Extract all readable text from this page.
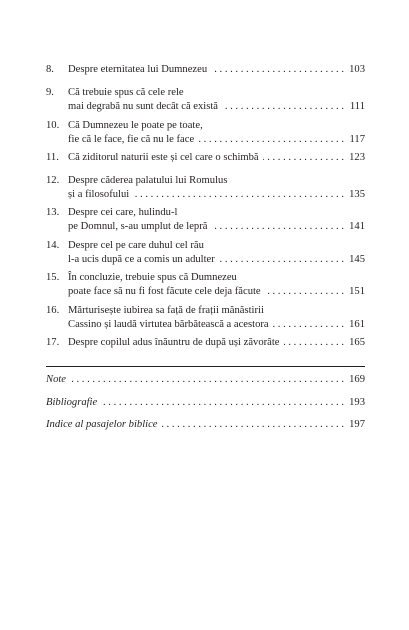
8. Despre eternitatea lui Dumnezeu . . .	103
9. Că trebuie spus că cele rele
mai degrabă nu sunt decât că există . . .	111
10. Că Dumnezeu le poate pe toate,
fie că le face, fie că nu le face . . .	117
11. Că ziditorul naturii este și cel care o schimbă . . .	123
12. Despre căderea palatului lui Romulus
și a filosofului . . .	135
13. Despre cei care, hulindu-l
pe Domnul, s-au umplut de lepră . . .	141
14. Despre cel pe care duhul cel rău
l-a ucis după ce a comis un adulter . . .	145
15. În concluzie, trebuie spus că Dumnezeu
poate face să nu fi fost făcute cele deja făcute . . .	151
16. Mărturisește iubirea sa față de frații mănăstirii
Cassino și laudă virtutea bărbătească a acestora . . .	161
17. Despre copilul adus înăuntru de după uși zăvorâte . . .	165
Note . . .	169
Bibliografie . . .	193
Indice al pasajelor biblice . . .	197
